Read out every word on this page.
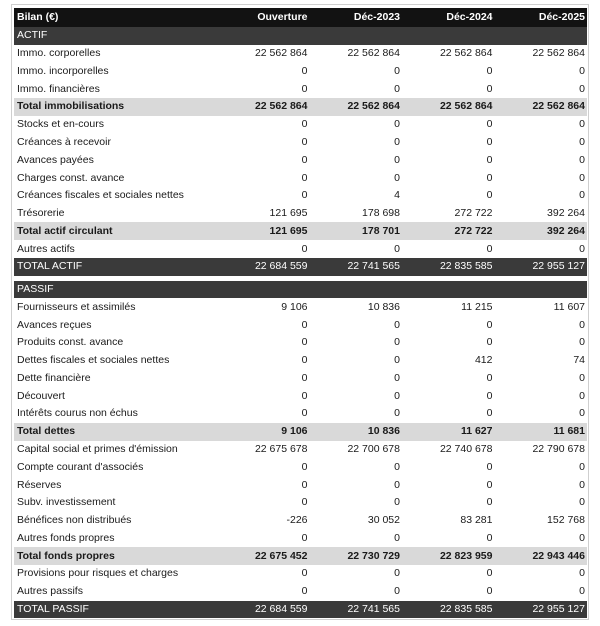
Bilan (€)	Ouverture	Déc-2023	Déc-2024	Déc-2025
ACTIF				
Immo. corporelles	22 562 864	22 562 864	22 562 864	22 562 864
Immo. incorporelles	0	0	0	0
Immo. financières	0	0	0	0
Total immobilisations	22 562 864	22 562 864	22 562 864	22 562 864
Stocks et en-cours	0	0	0	0
Créances à recevoir	0	0	0	0
Avances payées	0	0	0	0
Charges const. avance	0	0	0	0
Créances fiscales et sociales nettes	0	4	0	0
Trésorerie	121 695	178 698	272 722	392 264
Total actif circulant	121 695	178 701	272 722	392 264
Autres actifs	0	0	0	0
TOTAL ACTIF	22 684 559	22 741 565	22 835 585	22 955 127

PASSIF				
Fournisseurs et assimilés	9 106	10 836	11 215	11 607
Avances reçues	0	0	0	0
Produits const. avance	0	0	0	0
Dettes fiscales et sociales nettes	0	0	412	74
Dette financière	0	0	0	0
Découvert	0	0	0	0
Intérêts courus non échus	0	0	0	0
Total dettes	9 106	10 836	11 627	11 681
Capital social et primes d'émission	22 675 678	22 700 678	22 740 678	22 790 678
Compte courant d'associés	0	0	0	0
Réserves	0	0	0	0
Subv. investissement	0	0	0	0
Bénéfices non distribués	-226	30 052	83 281	152 768
Autres fonds propres	0	0	0	0
Total fonds propres	22 675 452	22 730 729	22 823 959	22 943 446
Provisions pour risques et charges	0	0	0	0
Autres passifs	0	0	0	0
TOTAL PASSIF	22 684 559	22 741 565	22 835 585	22 955 127
